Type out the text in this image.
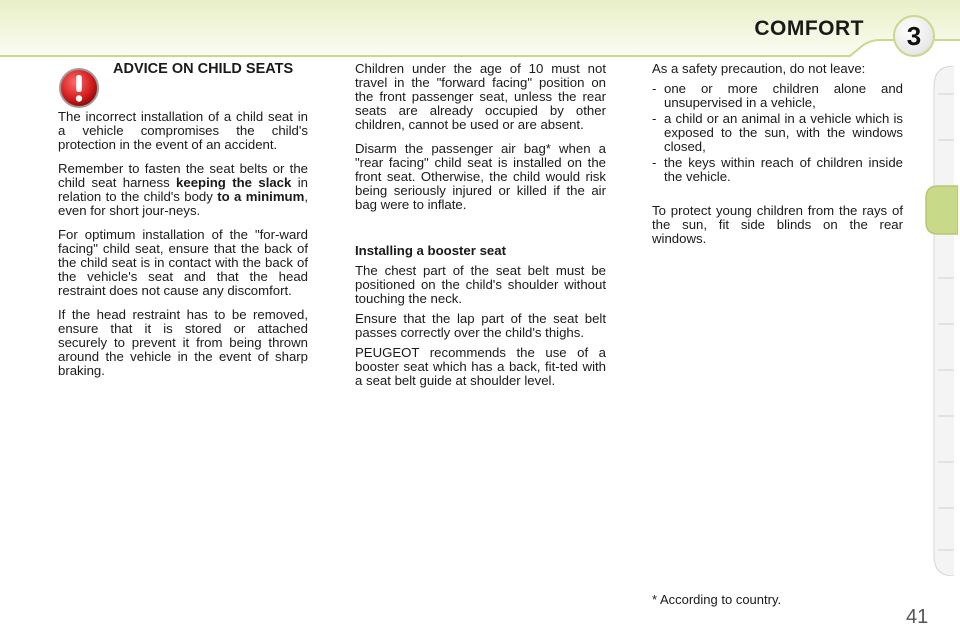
COMFORT	3
ADVICE ON CHILD SEATS

The incorrect installation of a child seat in a vehicle compromises the child's protection in the event of an accident.

Remember to fasten the seat belts or the child seat harness keeping the slack in relation to the child's body to a minimum, even for short jour-neys.

For optimum installation of the "for-ward facing" child seat, ensure that the back of the child seat is in contact with the back of the vehicle's seat and that the head restraint does not cause any discomfort.

If the head restraint has to be removed, ensure that it is stored or attached securely to prevent it from being thrown around the vehicle in the event of sharp braking.

Children under the age of 10 must not travel in the "forward facing" position on the front passenger seat, unless the rear seats are already occupied by other children, cannot be used or are absent.

Disarm the passenger air bag* when a "rear facing" child seat is installed on the front seat. Otherwise, the child would risk being seriously injured or killed if the air bag were to inflate.

Installing a booster seat

The chest part of the seat belt must be positioned on the child's shoulder without touching the neck.

Ensure that the lap part of the seat belt passes correctly over the child's thighs.

PEUGEOT recommends the use of a booster seat which has a back, fit-ted with a seat belt guide at shoulder level.

As a safety precaution, do not leave:

- one or more children alone and unsupervised in a vehicle,
- a child or an animal in a vehicle which is exposed to the sun, with the windows closed,
- the keys within reach of children inside the vehicle.

To protect young children from the rays of the sun, fit side blinds on the rear windows.

* According to country.
41
